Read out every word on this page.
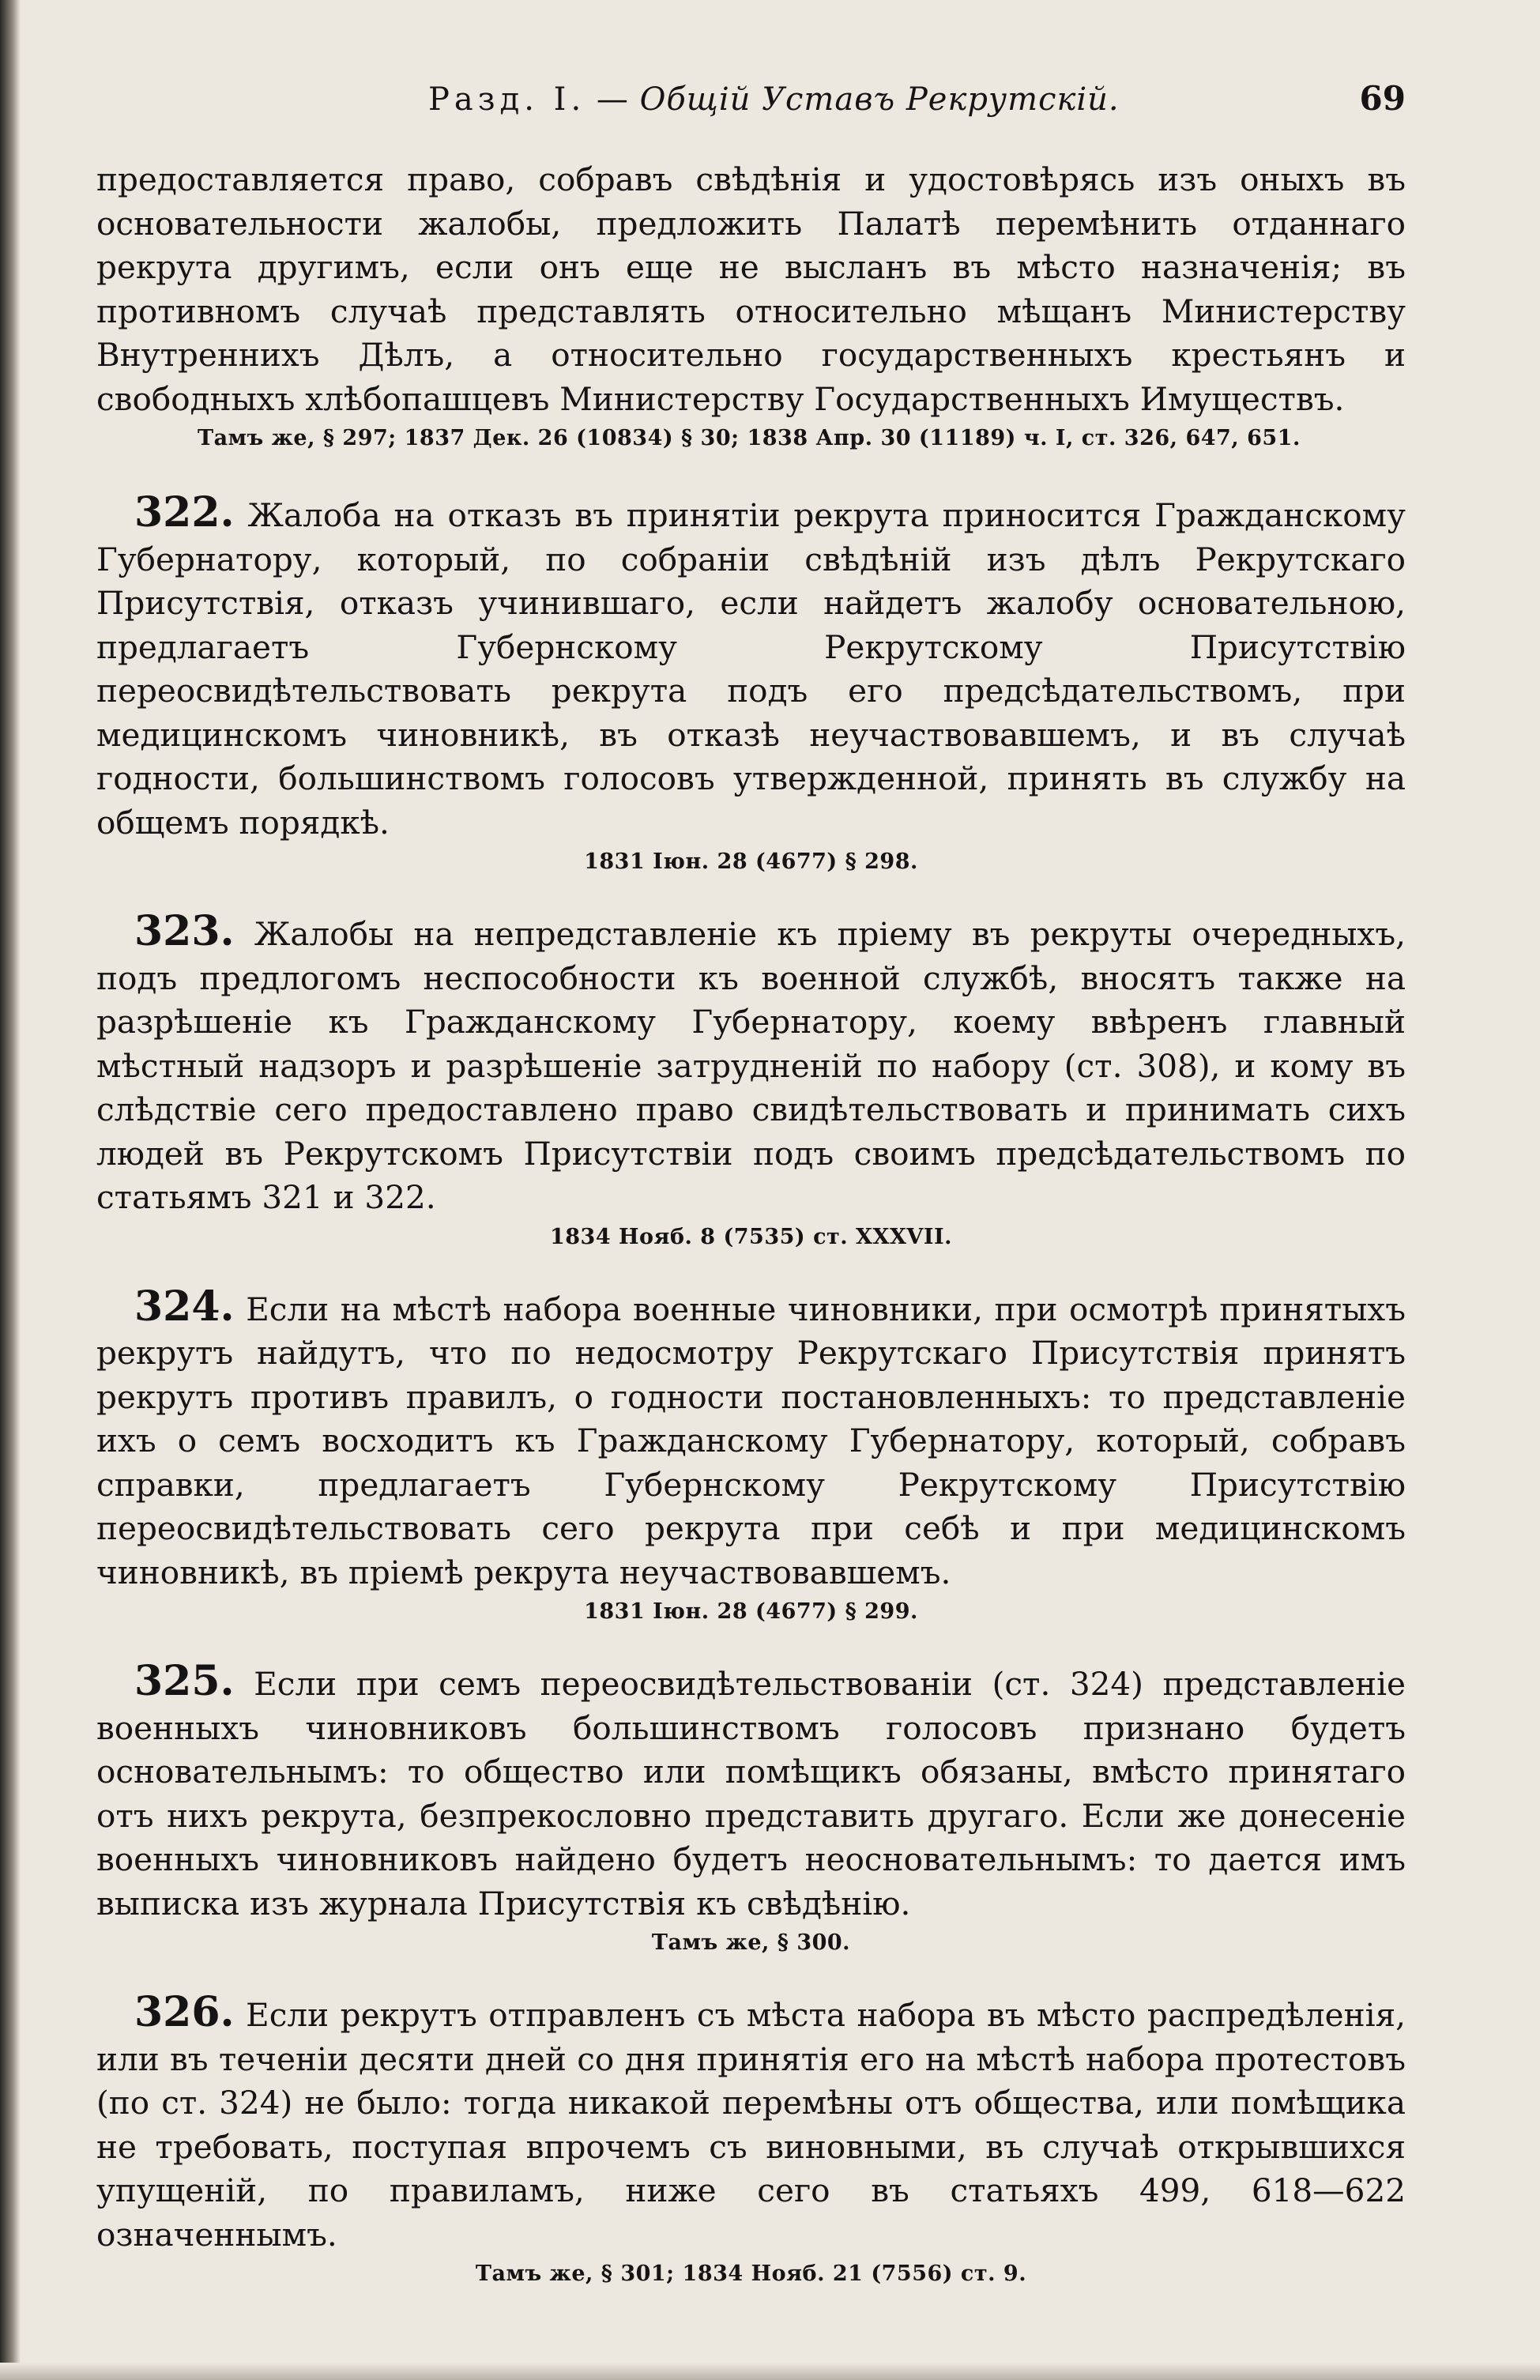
Разд. I. — Общій Уставъ Рекрутскій.	69

предоставляется право, собравъ свѣдѣнія и удостовѣрясь изъ оныхъ въ основательности жалобы, предложить Палатѣ перемѣнить отданнаго рекрута другимъ, если онъ еще не высланъ въ мѣсто назначенія; въ противномъ случаѣ представлять относительно мѣщанъ Министерству Внутреннихъ Дѣлъ, а относительно государственныхъ крестьянъ и свободныхъ хлѣбопашцевъ Министерству Государственныхъ Имуществъ.

Тамъ же, § 297; 1837 Дек. 26 (10834) § 30; 1838 Апр. 30 (11189) ч. I, ст. 326, 647, 651.

322. Жалоба на отказъ въ принятіи рекрута приносится Гражданскому Губернатору, который, по собраніи свѣдѣній изъ дѣлъ Рекрутскаго Присутствія, отказъ учинившаго, если найдетъ жалобу основательною, предлагаетъ Губернскому Рекрутскому Присутствію переосвидѣтельствовать рекрута подъ его предсѣдательствомъ, при медицинскомъ чиновникѣ, въ отказѣ неучаствовавшемъ, и въ случаѣ годности, большинствомъ голосовъ утвержденной, принять въ службу на общемъ порядкѣ.

1831 Іюн. 28 (4677) § 298.

323. Жалобы на непредставленіе къ пріему въ рекруты очередныхъ, подъ предлогомъ неспособности къ военной службѣ, вносятъ также на разрѣшеніе къ Гражданскому Губернатору, коему ввѣренъ главный мѣстный надзоръ и разрѣшеніе затрудненій по набору (ст. 308), и кому въ слѣдствіе сего предоставлено право свидѣтельствовать и принимать сихъ людей въ Рекрутскомъ Присутствіи подъ своимъ предсѣдательствомъ по статьямъ 321 и 322.

1834 Нояб. 8 (7535) ст. XXXVII.

324. Если на мѣстѣ набора военные чиновники, при осмотрѣ принятыхъ рекрутъ найдутъ, что по недосмотру Рекрутскаго Присутствія принятъ рекрутъ противъ правилъ, о годности постановленныхъ: то представленіе ихъ о семъ восходитъ къ Гражданскому Губернатору, который, собравъ справки, предлагаетъ Губернскому Рекрутскому Присутствію переосвидѣтельствовать сего рекрута при себѣ и при медицинскомъ чиновникѣ, въ пріемѣ рекрута неучаствовавшемъ.

1831 Іюн. 28 (4677) § 299.

325. Если при семъ переосвидѣтельствованіи (ст. 324) представленіе военныхъ чиновниковъ большинствомъ голосовъ признано будетъ основательнымъ: то общество или помѣщикъ обязаны, вмѣсто принятаго отъ нихъ рекрута, безпрекословно представить другаго. Если же донесеніе военныхъ чиновниковъ найдено будетъ неосновательнымъ: то дается имъ выписка изъ журнала Присутствія къ свѣдѣнію.

Тамъ же, § 300.

326. Если рекрутъ отправленъ съ мѣста набора въ мѣсто распредѣленія, или въ теченіи десяти дней со дня принятія его на мѣстѣ набора протестовъ (по ст. 324) не было: тогда никакой перемѣны отъ общества, или помѣщика не требовать, поступая впрочемъ съ виновными, въ случаѣ открывшихся упущеній, по правиламъ, ниже сего въ статьяхъ 499, 618—622 означеннымъ.

Тамъ же, § 301; 1834 Нояб. 21 (7556) ст. 9.
